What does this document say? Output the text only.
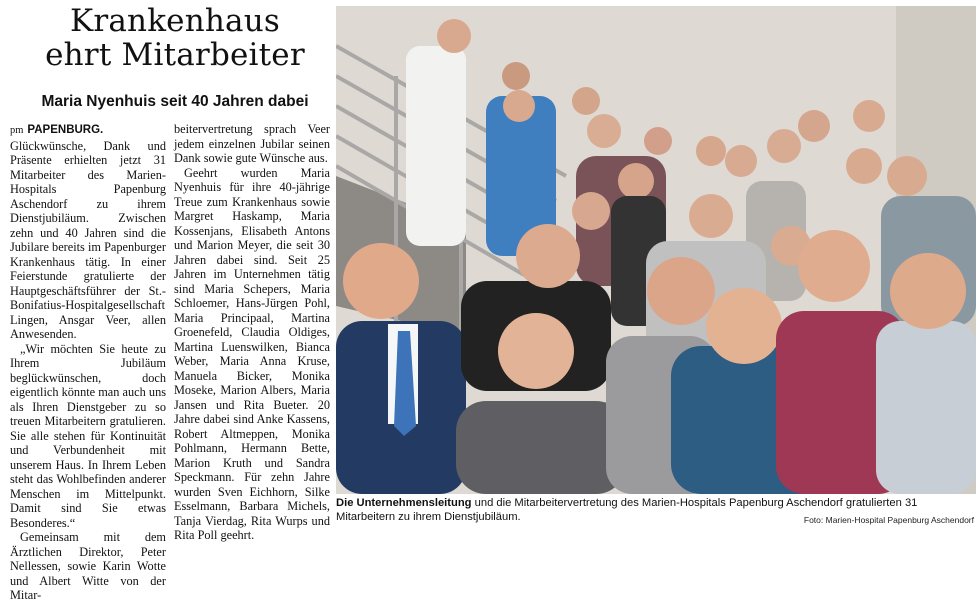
Krankenhaus
ehrt Mitarbeiter
Maria Nyenhuis seit 40 Jahren dabei

pm PAPENBURG. Glückwünsche, Dank und Präsente erhielten jetzt 31 Mitarbeiter des Marien-Hospitals Papenburg Aschendorf zu ihrem Dienstjubiläum. Zwischen zehn und 40 Jahren sind die Jubilare bereits im Papenburger Krankenhaus tätig. In einer Feierstunde gratulierte der Hauptgeschäftsführer der St.-Bonifatius-Hospitalgesellschaft Lingen, Ansgar Veer, allen Anwesenden.

„Wir möchten Sie heute zu Ihrem Jubiläum beglückwünschen, doch eigentlich könnte man auch uns als Ihren Dienstgeber zu so treuen Mitarbeitern gratulieren. Sie alle stehen für Kontinuität und Verbundenheit mit unserem Haus. In Ihrem Leben steht das Wohlbefinden anderer Menschen im Mittelpunkt. Damit sind Sie etwas Besonderes.“

Gemeinsam mit dem Ärztlichen Direktor, Peter Nellessen, sowie Karin Wotte und Albert Witte von der Mitar-

beitervertretung sprach Veer jedem einzelnen Jubilar seinen Dank sowie gute Wünsche aus.

Geehrt wurden Maria Nyenhuis für ihre 40-jährige Treue zum Krankenhaus sowie Margret Haskamp, Maria Kossenjans, Elisabeth Antons und Marion Meyer, die seit 30 Jahren dabei sind. Seit 25 Jahren im Unternehmen tätig sind Maria Schepers, Maria Schloemer, Hans-Jürgen Pohl, Maria Principaal, Martina Groenefeld, Claudia Oldiges, Martina Luenswilken, Bianca Weber, Maria Anna Kruse, Manuela Bicker, Monika Moseke, Marion Albers, Maria Jansen und Rita Bueter. 20 Jahre dabei sind Anke Kassens, Robert Altmeppen, Monika Pohlmann, Hermann Bette, Marion Kruth und Sandra Speckmann. Für zehn Jahre wurden Sven Eichhorn, Silke Esselmann, Barbara Michels, Tanja Vierdag, Rita Wurps und Rita Poll geehrt.

Die Unternehmensleitung und die Mitarbeitervertretung des Marien-Hospitals Papenburg Aschendorf gratulierten 31 Mitarbeitern zu ihrem Dienstjubiläum.	Foto: Marien-Hospital Papenburg Aschendorf
